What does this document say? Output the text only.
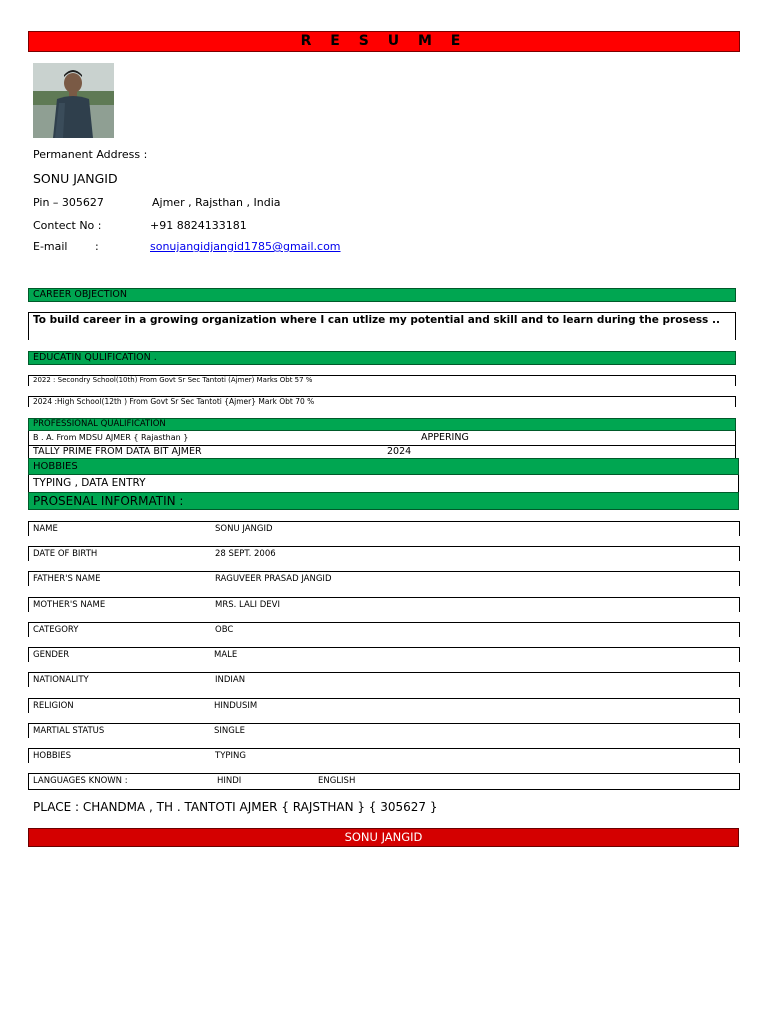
R E S U M E
Permanent Address :
SONU JANGID
Pin – 305627	Ajmer , Rajsthan , India
Contect No :	+91 8824133181
E-mail	:	sonujangidjangid1785@gmail.com
CAREER OBJECTION
To build career in a growing organization where I can utlize my potential and skill and to learn during the prosess ..
EDUCATIN QULIFICATION .
2022 : Secondry School(10th) From Govt Sr Sec Tantoti (Ajmer) Marks Obt 57 %
2024 :High School(12th ) From Govt Sr Sec Tantoti {Ajmer} Mark Obt 70 %
PROFESSIONAL QUALIFICATION
B . A. From MDSU AJMER { Rajasthan }	APPERING
TALLY PRIME FROM DATA BIT AJMER	2024
HOBBIES
TYPING , DATA ENTRY
PROSENAL INFORMATIN :
NAME	SONU JANGID
DATE OF BIRTH	28 SEPT. 2006
FATHER'S NAME	RAGUVEER PRASAD JANGID
MOTHER'S NAME	MRS. LALI DEVI
CATEGORY	OBC
GENDER	MALE
NATIONALITY	INDIAN
RELIGION	HINDUSIM
MARTIAL STATUS	SINGLE
HOBBIES	TYPING
LANGUAGES KNOWN :	HINDI	ENGLISH
PLACE : CHANDMA , TH . TANTOTI AJMER { RAJSTHAN } { 305627 }
SONU JANGID
